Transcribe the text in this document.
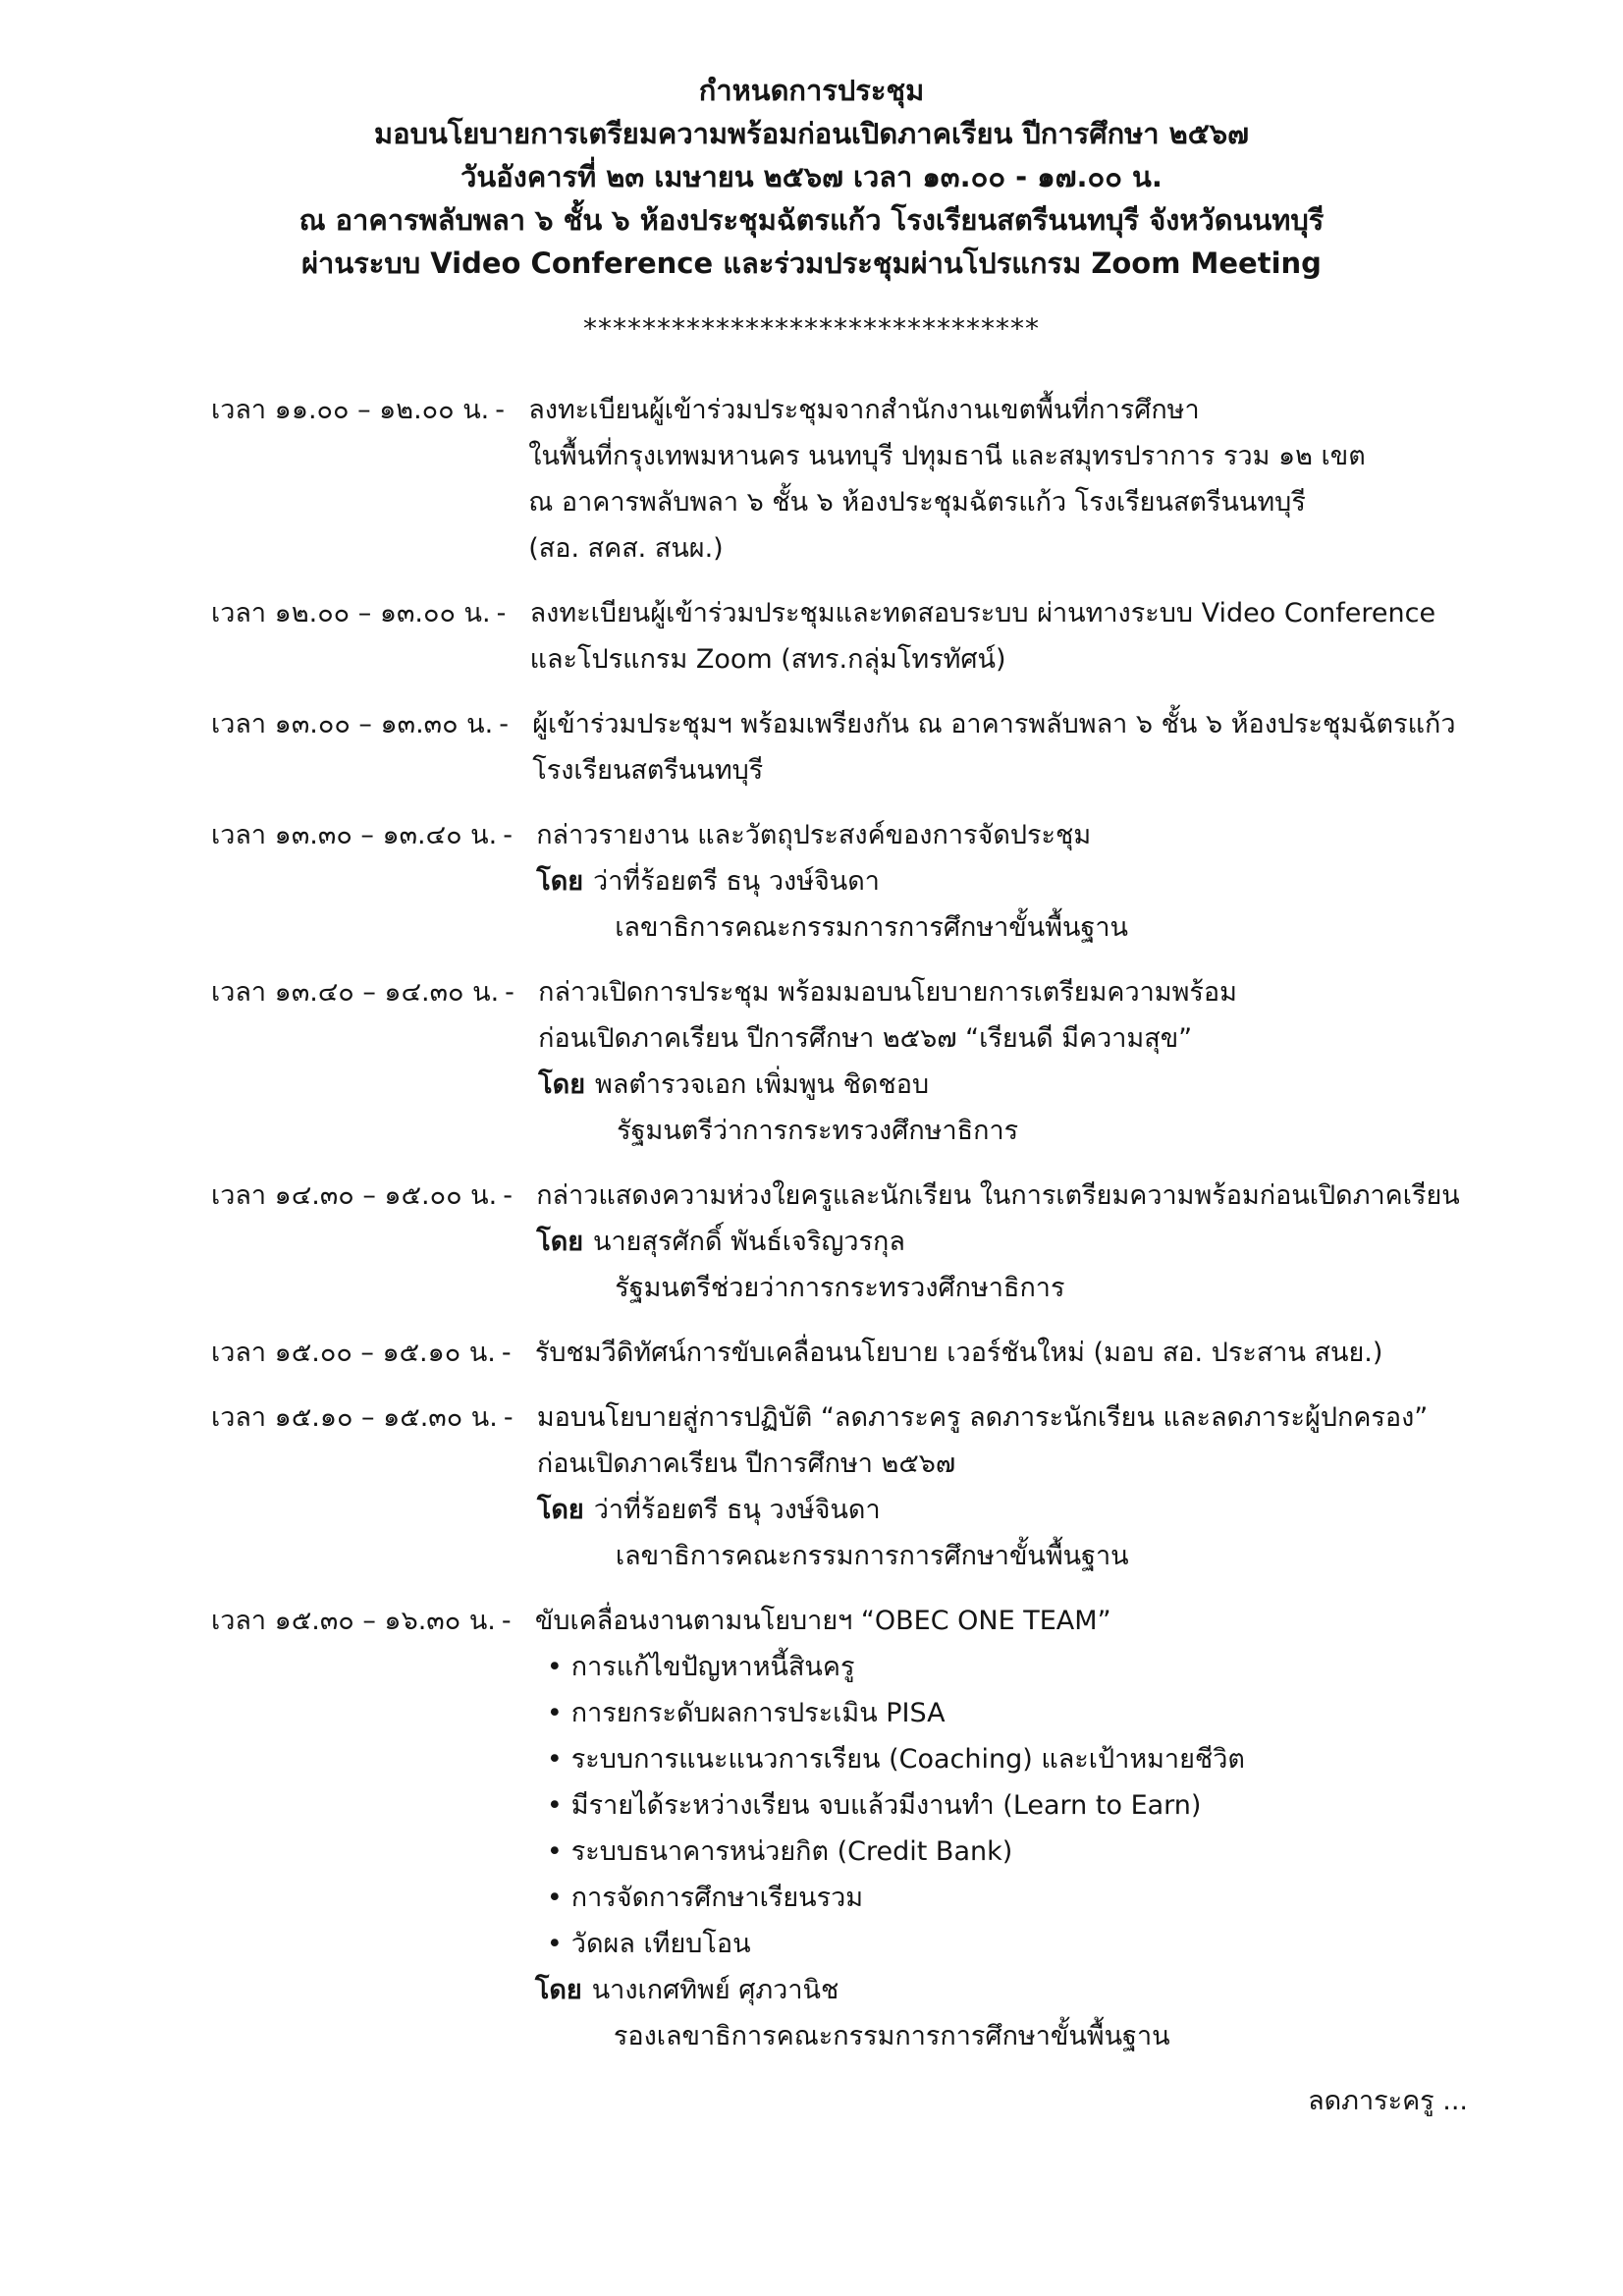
กำหนดการประชุม
มอบนโยบายการเตรียมความพร้อมก่อนเปิดภาคเรียน ปีการศึกษา ๒๕๖๗
วันอังคารที่ ๒๓ เมษายน ๒๕๖๗ เวลา ๑๓.๐๐ - ๑๗.๐๐ น.
ณ อาคารพลับพลา ๖ ชั้น ๖ ห้องประชุมฉัตรแก้ว โรงเรียนสตรีนนทบุรี จังหวัดนนทบุรี
ผ่านระบบ Video Conference และร่วมประชุมผ่านโปรแกรม Zoom Meeting
*******************************
เวลา ๑๑.๐๐ – ๑๒.๐๐ น. - ลงทะเบียนผู้เข้าร่วมประชุมจากสำนักงานเขตพื้นที่การศึกษา
ในพื้นที่กรุงเทพมหานคร นนทบุรี ปทุมธานี และสมุทรปราการ รวม ๑๒ เขต
ณ อาคารพลับพลา ๖ ชั้น ๖ ห้องประชุมฉัตรแก้ว โรงเรียนสตรีนนทบุรี
(สอ. สคส. สนผ.)
เวลา ๑๒.๐๐ – ๑๓.๐๐ น. - ลงทะเบียนผู้เข้าร่วมประชุมและทดสอบระบบ ผ่านทางระบบ Video Conference
และโปรแกรม Zoom (สทร.กลุ่มโทรทัศน์)
เวลา ๑๓.๐๐ – ๑๓.๓๐ น. - ผู้เข้าร่วมประชุมฯ พร้อมเพรียงกัน ณ อาคารพลับพลา ๖ ชั้น ๖ ห้องประชุมฉัตรแก้ว
โรงเรียนสตรีนนทบุรี
เวลา ๑๓.๓๐ – ๑๓.๔๐ น. - กล่าวรายงาน และวัตถุประสงค์ของการจัดประชุม
โดย ว่าที่ร้อยตรี ธนุ วงษ์จินดา
เลขาธิการคณะกรรมการการศึกษาขั้นพื้นฐาน
เวลา ๑๓.๔๐ – ๑๔.๓๐ น. - กล่าวเปิดการประชุม พร้อมมอบนโยบายการเตรียมความพร้อม
ก่อนเปิดภาคเรียน ปีการศึกษา ๒๕๖๗ “เรียนดี มีความสุข”
โดย พลตำรวจเอก เพิ่มพูน ชิดชอบ
รัฐมนตรีว่าการกระทรวงศึกษาธิการ
เวลา ๑๔.๓๐ – ๑๕.๐๐ น. - กล่าวแสดงความห่วงใยครูและนักเรียน ในการเตรียมความพร้อมก่อนเปิดภาคเรียน
โดย นายสุรศักดิ์ พันธ์เจริญวรกุล
รัฐมนตรีช่วยว่าการกระทรวงศึกษาธิการ
เวลา ๑๕.๐๐ – ๑๕.๑๐ น. - รับชมวีดิทัศน์การขับเคลื่อนนโยบาย เวอร์ชันใหม่ (มอบ สอ. ประสาน สนย.)
เวลา ๑๕.๑๐ – ๑๕.๓๐ น. - มอบนโยบายสู่การปฏิบัติ “ลดภาระครู ลดภาระนักเรียน และลดภาระผู้ปกครอง”
ก่อนเปิดภาคเรียน ปีการศึกษา ๒๕๖๗
โดย ว่าที่ร้อยตรี ธนุ วงษ์จินดา
เลขาธิการคณะกรรมการการศึกษาขั้นพื้นฐาน
เวลา ๑๕.๓๐ – ๑๖.๓๐ น. - ขับเคลื่อนงานตามนโยบายฯ “OBEC ONE TEAM”
• การแก้ไขปัญหาหนี้สินครู
• การยกระดับผลการประเมิน PISA
• ระบบการแนะแนวการเรียน (Coaching) และเป้าหมายชีวิต
• มีรายได้ระหว่างเรียน จบแล้วมีงานทำ (Learn to Earn)
• ระบบธนาคารหน่วยกิต (Credit Bank)
• การจัดการศึกษาเรียนรวม
• วัดผล เทียบโอน
โดย นางเกศทิพย์ ศุภวานิช
รองเลขาธิการคณะกรรมการการศึกษาขั้นพื้นฐาน
ลดภาระครู ...
